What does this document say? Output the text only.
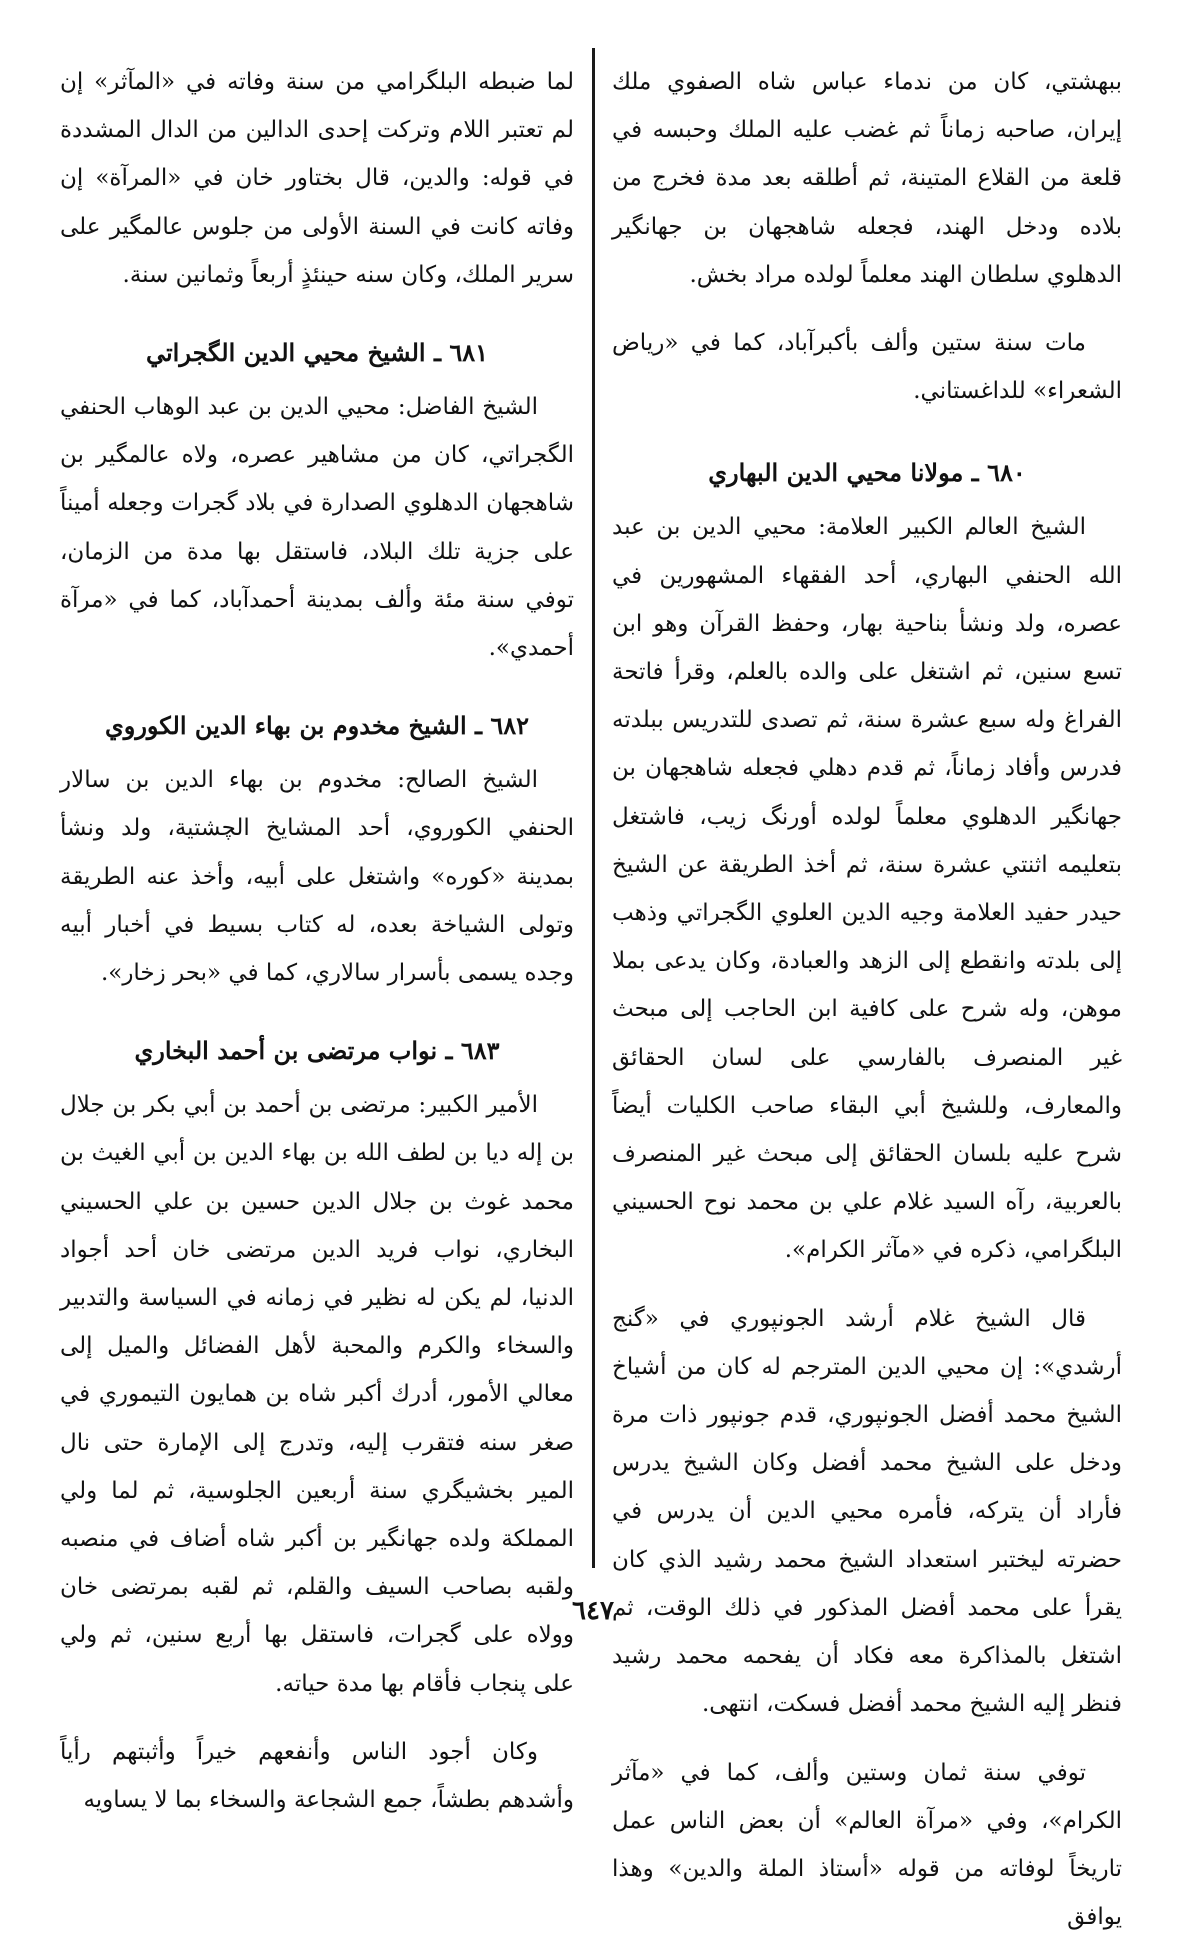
ببهشتي، كان من ندماء عباس شاه الصفوي ملك إيران، صاحبه زماناً ثم غضب عليه الملك وحبسه في قلعة من القلاع المتينة، ثم أطلقه بعد مدة فخرج من بلاده ودخل الهند، فجعله شاهجهان بن جهانگير الدهلوي سلطان الهند معلماً لولده مراد بخش.

مات سنة ستين وألف بأكبرآباد، كما في «رياض الشعراء» للداغستاني.

٦٨٠ ـ مولانا محيي الدين البهاري

الشيخ العالم الكبير العلامة: محيي الدين بن عبد الله الحنفي البهاري، أحد الفقهاء المشهورين في عصره، ولد ونشأ بناحية بهار، وحفظ القرآن وهو ابن تسع سنين، ثم اشتغل على والده بالعلم، وقرأ فاتحة الفراغ وله سبع عشرة سنة، ثم تصدى للتدريس ببلدته فدرس وأفاد زماناً، ثم قدم دهلي فجعله شاهجهان بن جهانگير الدهلوي معلماً لولده أورنگ زيب، فاشتغل بتعليمه اثنتي عشرة سنة، ثم أخذ الطريقة عن الشيخ حيدر حفيد العلامة وجيه الدين العلوي الگجراتي وذهب إلى بلدته وانقطع إلى الزهد والعبادة، وكان يدعى بملا موهن، وله شرح على كافية ابن الحاجب إلى مبحث غير المنصرف بالفارسي على لسان الحقائق والمعارف، وللشيخ أبي البقاء صاحب الكليات أيضاً شرح عليه بلسان الحقائق إلى مبحث غير المنصرف بالعربية، رآه السيد غلام علي بن محمد نوح الحسيني البلگرامي، ذكره في «مآثر الكرام».

قال الشيخ غلام أرشد الجونپوري في «گنج أرشدي»: إن محيي الدين المترجم له كان من أشياخ الشيخ محمد أفضل الجونپوري، قدم جونپور ذات مرة ودخل على الشيخ محمد أفضل وكان الشيخ يدرس فأراد أن يتركه، فأمره محيي الدين أن يدرس في حضرته ليختبر استعداد الشيخ محمد رشيد الذي كان يقرأ على محمد أفضل المذكور في ذلك الوقت، ثم اشتغل بالمذاكرة معه فكاد أن يفحمه محمد رشيد فنظر إليه الشيخ محمد أفضل فسكت، انتهى.

توفي سنة ثمان وستين وألف، كما في «مآثر الكرام»، وفي «مرآة العالم» أن بعض الناس عمل تاريخاً لوفاته من قوله «أستاذ الملة والدين» وهذا يوافق

لما ضبطه البلگرامي من سنة وفاته في «المآثر» إن لم تعتبر اللام وتركت إحدى الدالين من الدال المشددة في قوله: والدين، قال بختاور خان في «المرآة» إن وفاته كانت في السنة الأولى من جلوس عالمگير على سرير الملك، وكان سنه حينئذٍ أربعاً وثمانين سنة.

٦٨١ ـ الشيخ محيي الدين الگجراتي

الشيخ الفاضل: محيي الدين بن عبد الوهاب الحنفي الگجراتي، كان من مشاهير عصره، ولاه عالمگير بن شاهجهان الدهلوي الصدارة في بلاد گجرات وجعله أميناً على جزية تلك البلاد، فاستقل بها مدة من الزمان، توفي سنة مئة وألف بمدينة أحمدآباد، كما في «مرآة أحمدي».

٦٨٢ ـ الشيخ مخدوم بن بهاء الدين الكوروي

الشيخ الصالح: مخدوم بن بهاء الدين بن سالار الحنفي الكوروي، أحد المشايخ الچشتية، ولد ونشأ بمدينة «كوره» واشتغل على أبيه، وأخذ عنه الطريقة وتولى الشياخة بعده، له كتاب بسيط في أخبار أبيه وجده يسمى بأسرار سالاري، كما في «بحر زخار».

٦٨٣ ـ نواب مرتضى بن أحمد البخاري

الأمير الكبير: مرتضى بن أحمد بن أبي بكر بن جلال بن إله ديا بن لطف الله بن بهاء الدين بن أبي الغيث بن محمد غوث بن جلال الدين حسين بن علي الحسيني البخاري، نواب فريد الدين مرتضى خان أحد أجواد الدنيا، لم يكن له نظير في زمانه في السياسة والتدبير والسخاء والكرم والمحبة لأهل الفضائل والميل إلى معالي الأمور، أدرك أكبر شاه بن همايون التيموري في صغر سنه فتقرب إليه، وتدرج إلى الإمارة حتى نال المير بخشيگري سنة أربعين الجلوسية، ثم لما ولي المملكة ولده جهانگير بن أكبر شاه أضاف في منصبه ولقبه بصاحب السيف والقلم، ثم لقبه بمرتضى خان وولاه على گجرات، فاستقل بها أربع سنين، ثم ولي على پنجاب فأقام بها مدة حياته.

وكان أجود الناس وأنفعهم خيراً وأثبتهم رأياً وأشدهم بطشاً، جمع الشجاعة والسخاء بما لا يساويه

٦٤٧
